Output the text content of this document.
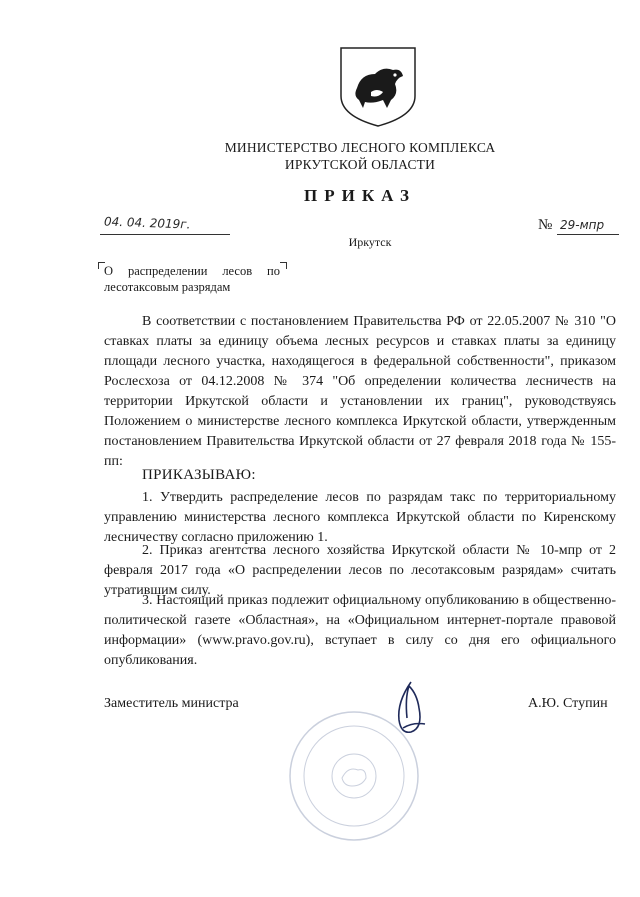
МИНИСТЕРСТВО ЛЕСНОГО КОМПЛЕКСА
ИРКУТСКОЙ ОБЛАСТИ
ПРИКАЗ
04. 04. 2019г.	№ 29-мпр
Иркутск
О распределении лесов по
лесотаксовым разрядам
В соответствии с постановлением Правительства РФ от 22.05.2007 № 310 "О ставках платы за единицу объема лесных ресурсов и ставках платы за единицу площади лесного участка, находящегося в федеральной собственности", приказом Рослесхоза от 04.12.2008 № 374 "Об определении количества лесничеств на территории Иркутской области и установлении их границ", руководствуясь Положением о министерстве лесного комплекса Иркутской области, утвержденным постановлением Правительства Иркутской области от 27 февраля 2018 года № 155-пп:
ПРИКАЗЫВАЮ:
1. Утвердить распределение лесов по разрядам такс по территориальному управлению министерства лесного комплекса Иркутской области по Киренскому лесничеству согласно приложению 1.
2. Приказ агентства лесного хозяйства Иркутской области № 10-мпр от 2 февраля 2017 года «О распределении лесов по лесотаксовым разрядам» считать утратившим силу.
3. Настоящий приказ подлежит официальному опубликованию в общественно-политической газете «Областная», на «Официальном интернет-портале правовой информации» (www.pravo.gov.ru), вступает в силу со дня его официального опубликования.
Заместитель министра	А.Ю. Ступин
